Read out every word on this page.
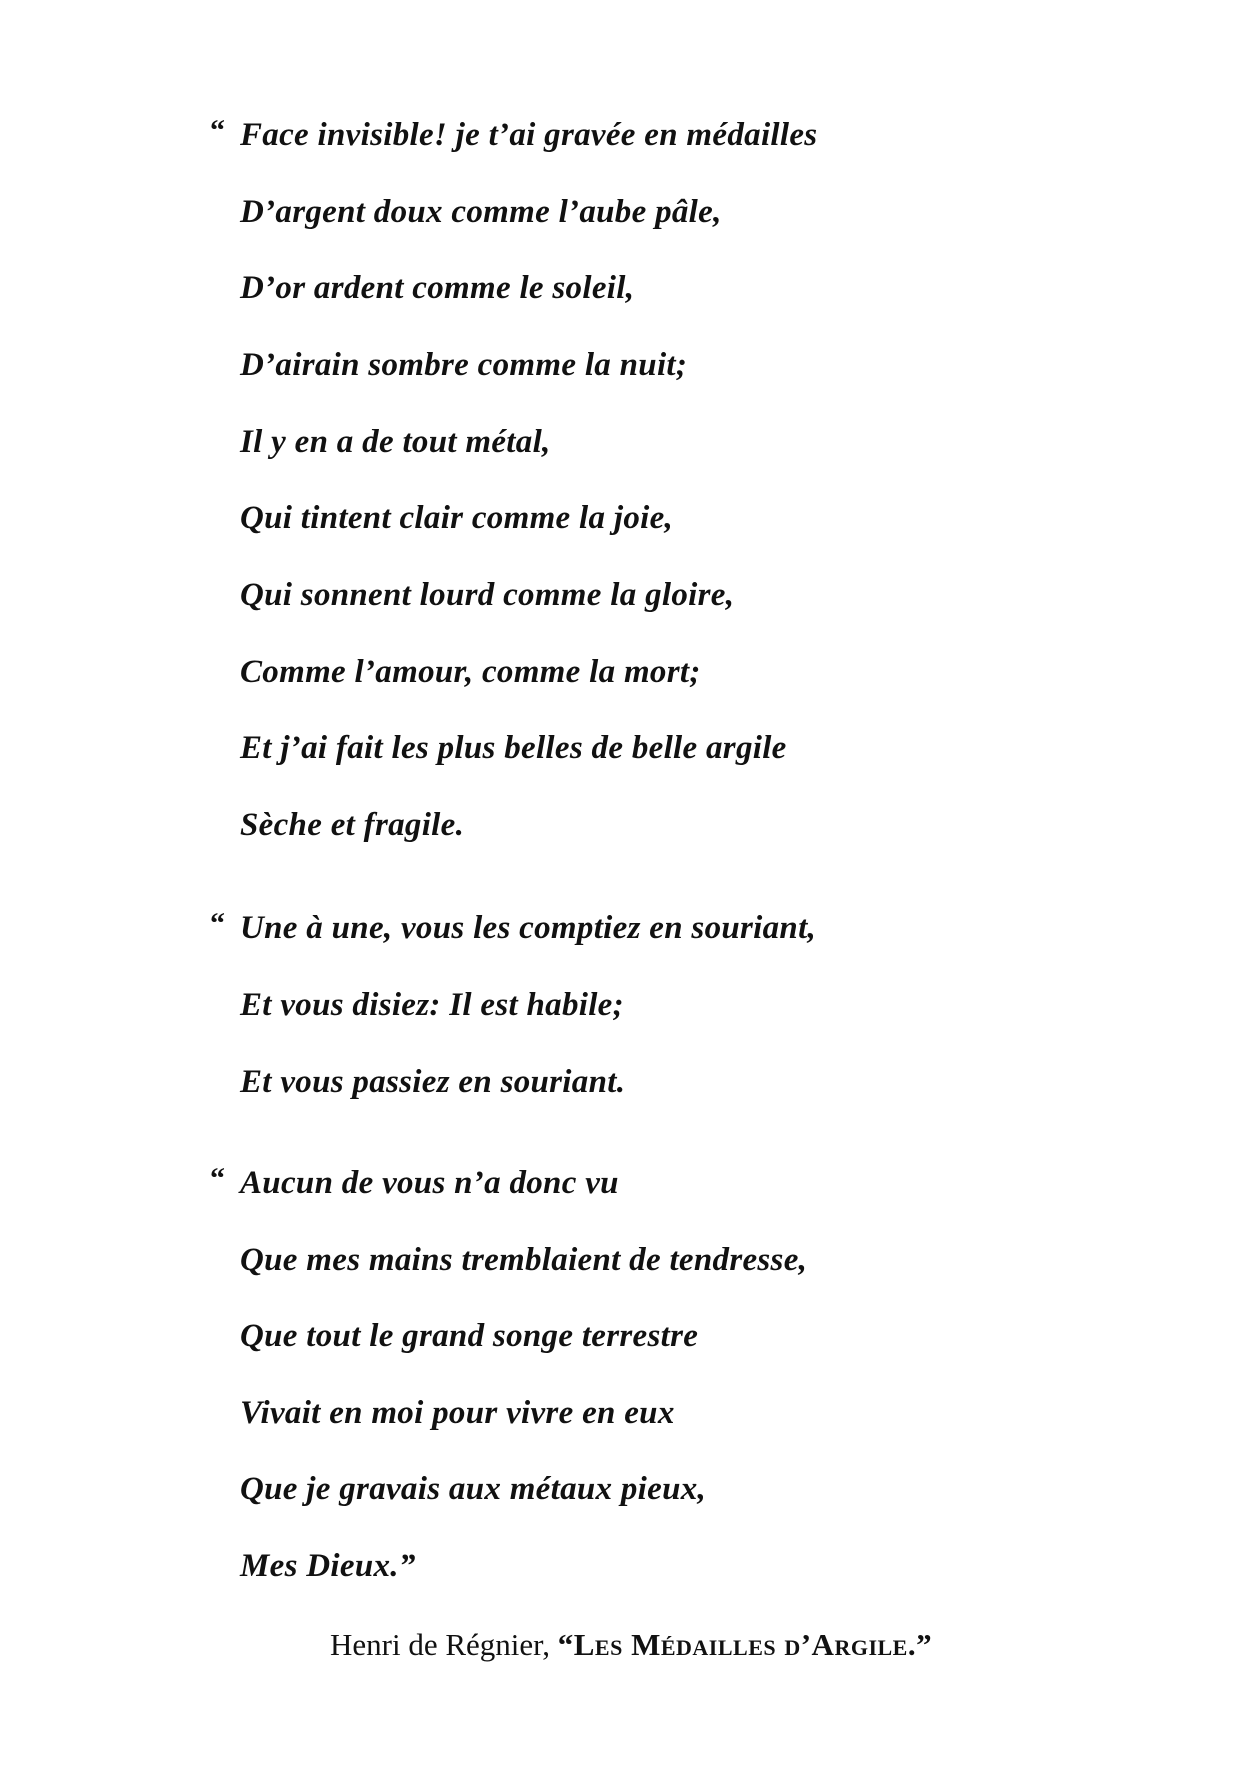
“ Face invisible! je t’ai gravée en médailles
D’argent doux comme l’aube pâle,
D’or ardent comme le soleil,
D’airain sombre comme la nuit;
Il y en a de tout métal,
Qui tintent clair comme la joie,
Qui sonnent lourd comme la gloire,
Comme l’amour, comme la mort;
Et j’ai fait les plus belles de belle argile
Sèche et fragile.
“ Une à une, vous les comptiez en souriant,
Et vous disiez: Il est habile;
Et vous passiez en souriant.
“ Aucun de vous n’a donc vu
Que mes mains tremblaient de tendresse,
Que tout le grand songe terrestre
Vivait en moi pour vivre en eux
Que je gravais aux métaux pieux,
Mes Dieux.”
Henri de Régnier, “Les Médailles d’Argile.”
